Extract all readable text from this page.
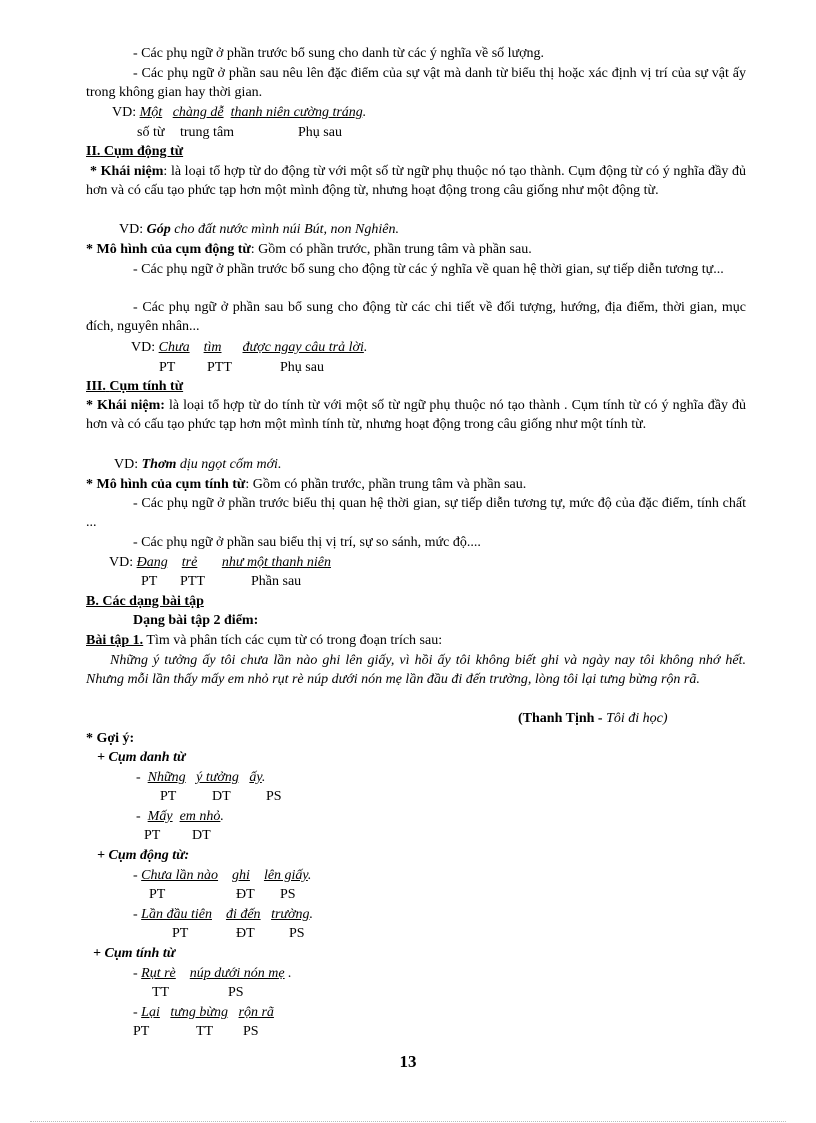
- Các phụ ngữ ở phần trước bổ sung cho danh từ các ý nghĩa về số lượng.
- Các phụ ngữ ở phần sau nêu lên đặc điểm của sự vật mà danh từ biểu thị hoặc xác định vị trí của sự vật ấy trong không gian hay thời gian.
VD: Một chàng dễ thanh niên cường tráng.
số từ trung tâm	Phụ sau
II. Cụm động từ
* Khái niệm: là loại tổ hợp từ do động từ với một số từ ngữ phụ thuộc nó tạo thành. Cụm động từ có ý nghĩa đầy đủ hơn và có cấu tạo phức tạp hơn một mình động từ, nhưng hoạt động trong câu giống như một động từ.
VD: Góp cho đất nước mình núi Bút, non Nghiên.
* Mô hình của cụm động từ: Gồm có phần trước, phần trung tâm và phần sau.
- Các phụ ngữ ở phần trước bổ sung cho động từ các ý nghĩa về quan hệ thời gian, sự tiếp diễn tương tự...
- Các phụ ngữ ở phần sau bổ sung cho động từ các chi tiết về đối tượng, hướng, địa điểm, thời gian, mục đích, nguyên nhân...
VD: Chưa tìm được ngay câu trả lời.
PT PTT	Phụ sau
III. Cụm tính từ
* Khái niệm: là loại tổ hợp từ do tính từ với một số từ ngữ phụ thuộc nó tạo thành . Cụm tính từ có ý nghĩa đầy đủ hơn và có cấu tạo phức tạp hơn một mình tính từ, nhưng hoạt động trong câu giống như một tính từ.
VD: Thơm dịu ngọt cốm mới.
* Mô hình của cụm tính từ: Gồm có phần trước, phần trung tâm và phần sau.
- Các phụ ngữ ở phần trước biểu thị quan hệ thời gian, sự tiếp diễn tương tự, mức độ của đặc điểm, tính chất ...
- Các phụ ngữ ở phần sau biểu thị vị trí, sự so sánh, mức độ....
VD: Đang trẻ như một thanh niên
PT PTT	Phần sau
B. Các dạng bài tập
Dạng bài tập 2 điểm:
Bài tập 1. Tìm và phân tích các cụm từ có trong đoạn trích sau:
Những ý tưởng ấy tôi chưa lần nào ghi lên giấy, vì hồi ấy tôi không biết ghi và ngày nay tôi không nhớ hết. Nhưng mỗi lần thấy mấy em nhỏ rụt rè núp dưới nón mẹ lần đầu đi đến trường, lòng tôi lại tưng bừng rộn rã.
(Thanh Tịnh - Tôi đi học)
* Gợi ý:
+ Cụm danh từ
-  Những ý tưởng ấy.
PT	DT	PS
-  Mấy em nhỏ.
PT DT
+ Cụm động từ:
- Chưa lần nào ghi lên giấy.
PT	ĐT PS
- Lần đầu tiên đi đến trường.
PT	ĐT PS
+ Cụm tính từ
- Rụt rè núp dưới nón mẹ .
TT	PS
- Lại tưng bừng rộn rã
PT	TT PS
13
